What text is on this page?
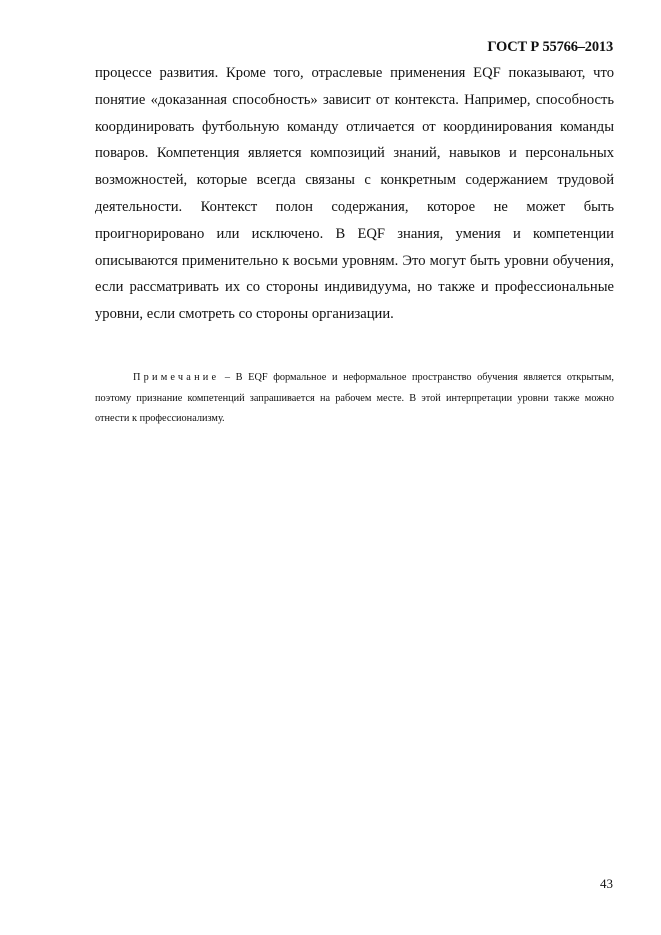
ГОСТ Р 55766–2013

процессе развития. Кроме того, отраслевые применения EQF показывают, что понятие «доказанная способность» зависит от контекста. Например, способность координировать футбольную команду отличается от координирования команды поваров. Компетенция является композиций знаний, навыков и персональных возможностей, которые всегда связаны с конкретным содержанием трудовой деятельности. Контекст полон содержания, которое не может быть проигнорировано или исключено. В EQF знания, умения и компетенции описываются применительно к восьми уровням. Это могут быть уровни обучения, если рассматривать их со стороны индивидуума, но также и профессиональные уровни, если смотреть со стороны организации.

Примечание – В EQF формальное и неформальное пространство обучения является открытым, поэтому признание компетенций запрашивается на рабочем месте. В этой интерпретации уровни также можно отнести к профессионализму.

43
